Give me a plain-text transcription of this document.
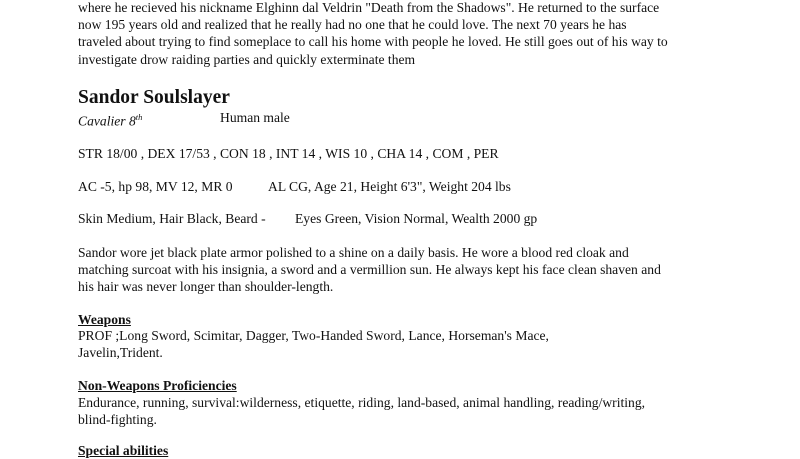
where he recieved his nickname Elghinn dal Veldrin "Death from the Shadows". He returned to the surface
now 195 years old and realized that he really had no one that he could love. The next 70 years he has
traveled about trying to find someplace to call his home with people he loved. He still goes out of his way to
investigate drow raiding parties and quickly exterminate them
Sandor Soulslayer
Cavalier 8th	Human male
STR 18/00 , DEX 17/53 , CON 18 , INT 14 , WIS 10 , CHA 14 , COM , PER
AC -5, hp 98, MV 12, MR 0	AL CG, Age 21, Height 6'3", Weight 204 lbs
Skin Medium, Hair Black, Beard - Eyes Green, Vision Normal, Wealth 2000 gp
Sandor wore jet black plate armor polished to a shine on a daily basis. He wore a blood red cloak and
matching surcoat with his insignia, a sword and a vermillion sun. He always kept his face clean shaven and
his hair was never longer than shoulder-length.
Weapons
PROF ;Long Sword, Scimitar, Dagger, Two-Handed Sword, Lance, Horseman's Mace,
Javelin,Trident.
Non-Weapons Proficiencies
Endurance, running, survival:wilderness, etiquette, riding, land-based, animal handling, reading/writing,
blind-fighting.
Special abilities
